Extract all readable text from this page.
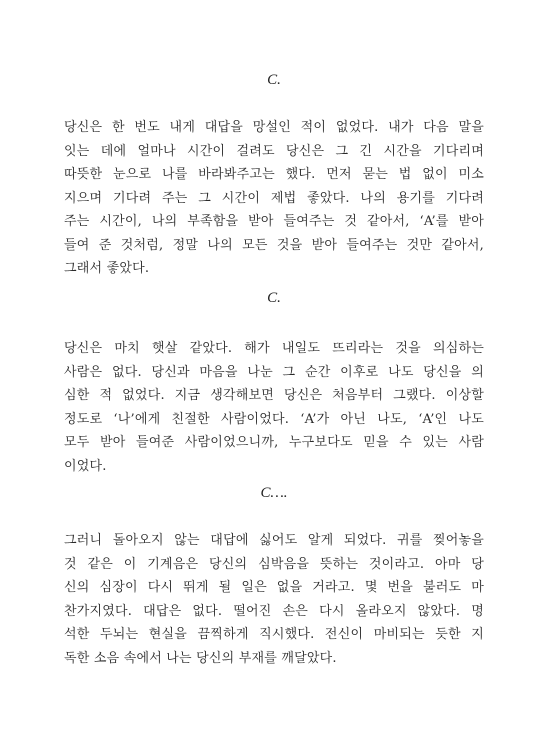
C.
당신은 한 번도 내게 대답을 망설인 적이 없었다. 내가 다음 말을
잇는 데에 얼마나 시간이 걸려도 당신은 그 긴 시간을 기다리며
따뜻한 눈으로 나를 바라봐주고는 했다. 먼저 묻는 법 없이 미소
지으며 기다려 주는 그 시간이 제법 좋았다. 나의 용기를 기다려
주는 시간이, 나의 부족함을 받아 들여주는 것 같아서, ‘A’를 받아
들여 준 것처럼, 정말 나의 모든 것을 받아 들여주는 것만 같아서,
그래서 좋았다.
C.
당신은 마치 햇살 같았다. 해가 내일도 뜨리라는 것을 의심하는
사람은 없다. 당신과 마음을 나눈 그 순간 이후로 나도 당신을 의
심한 적 없었다. 지금 생각해보면 당신은 처음부터 그랬다. 이상할
정도로 ‘나’에게 친절한 사람이었다. ‘A’가 아닌 나도, ‘A’인 나도
모두 받아 들여준 사람이었으니까, 누구보다도 믿을 수 있는 사람
이었다.
C….
그러니 돌아오지 않는 대답에 싫어도 알게 되었다. 귀를 찢어놓을
것 같은 이 기계음은 당신의 심박음을 뜻하는 것이라고. 아마 당
신의 심장이 다시 뛰게 될 일은 없을 거라고. 몇 번을 불러도 마
찬가지였다. 대답은 없다. 떨어진 손은 다시 올라오지 않았다. 명
석한 두뇌는 현실을 끔찍하게 직시했다. 전신이 마비되는 듯한 지
독한 소음 속에서 나는 당신의 부재를 깨달았다.
